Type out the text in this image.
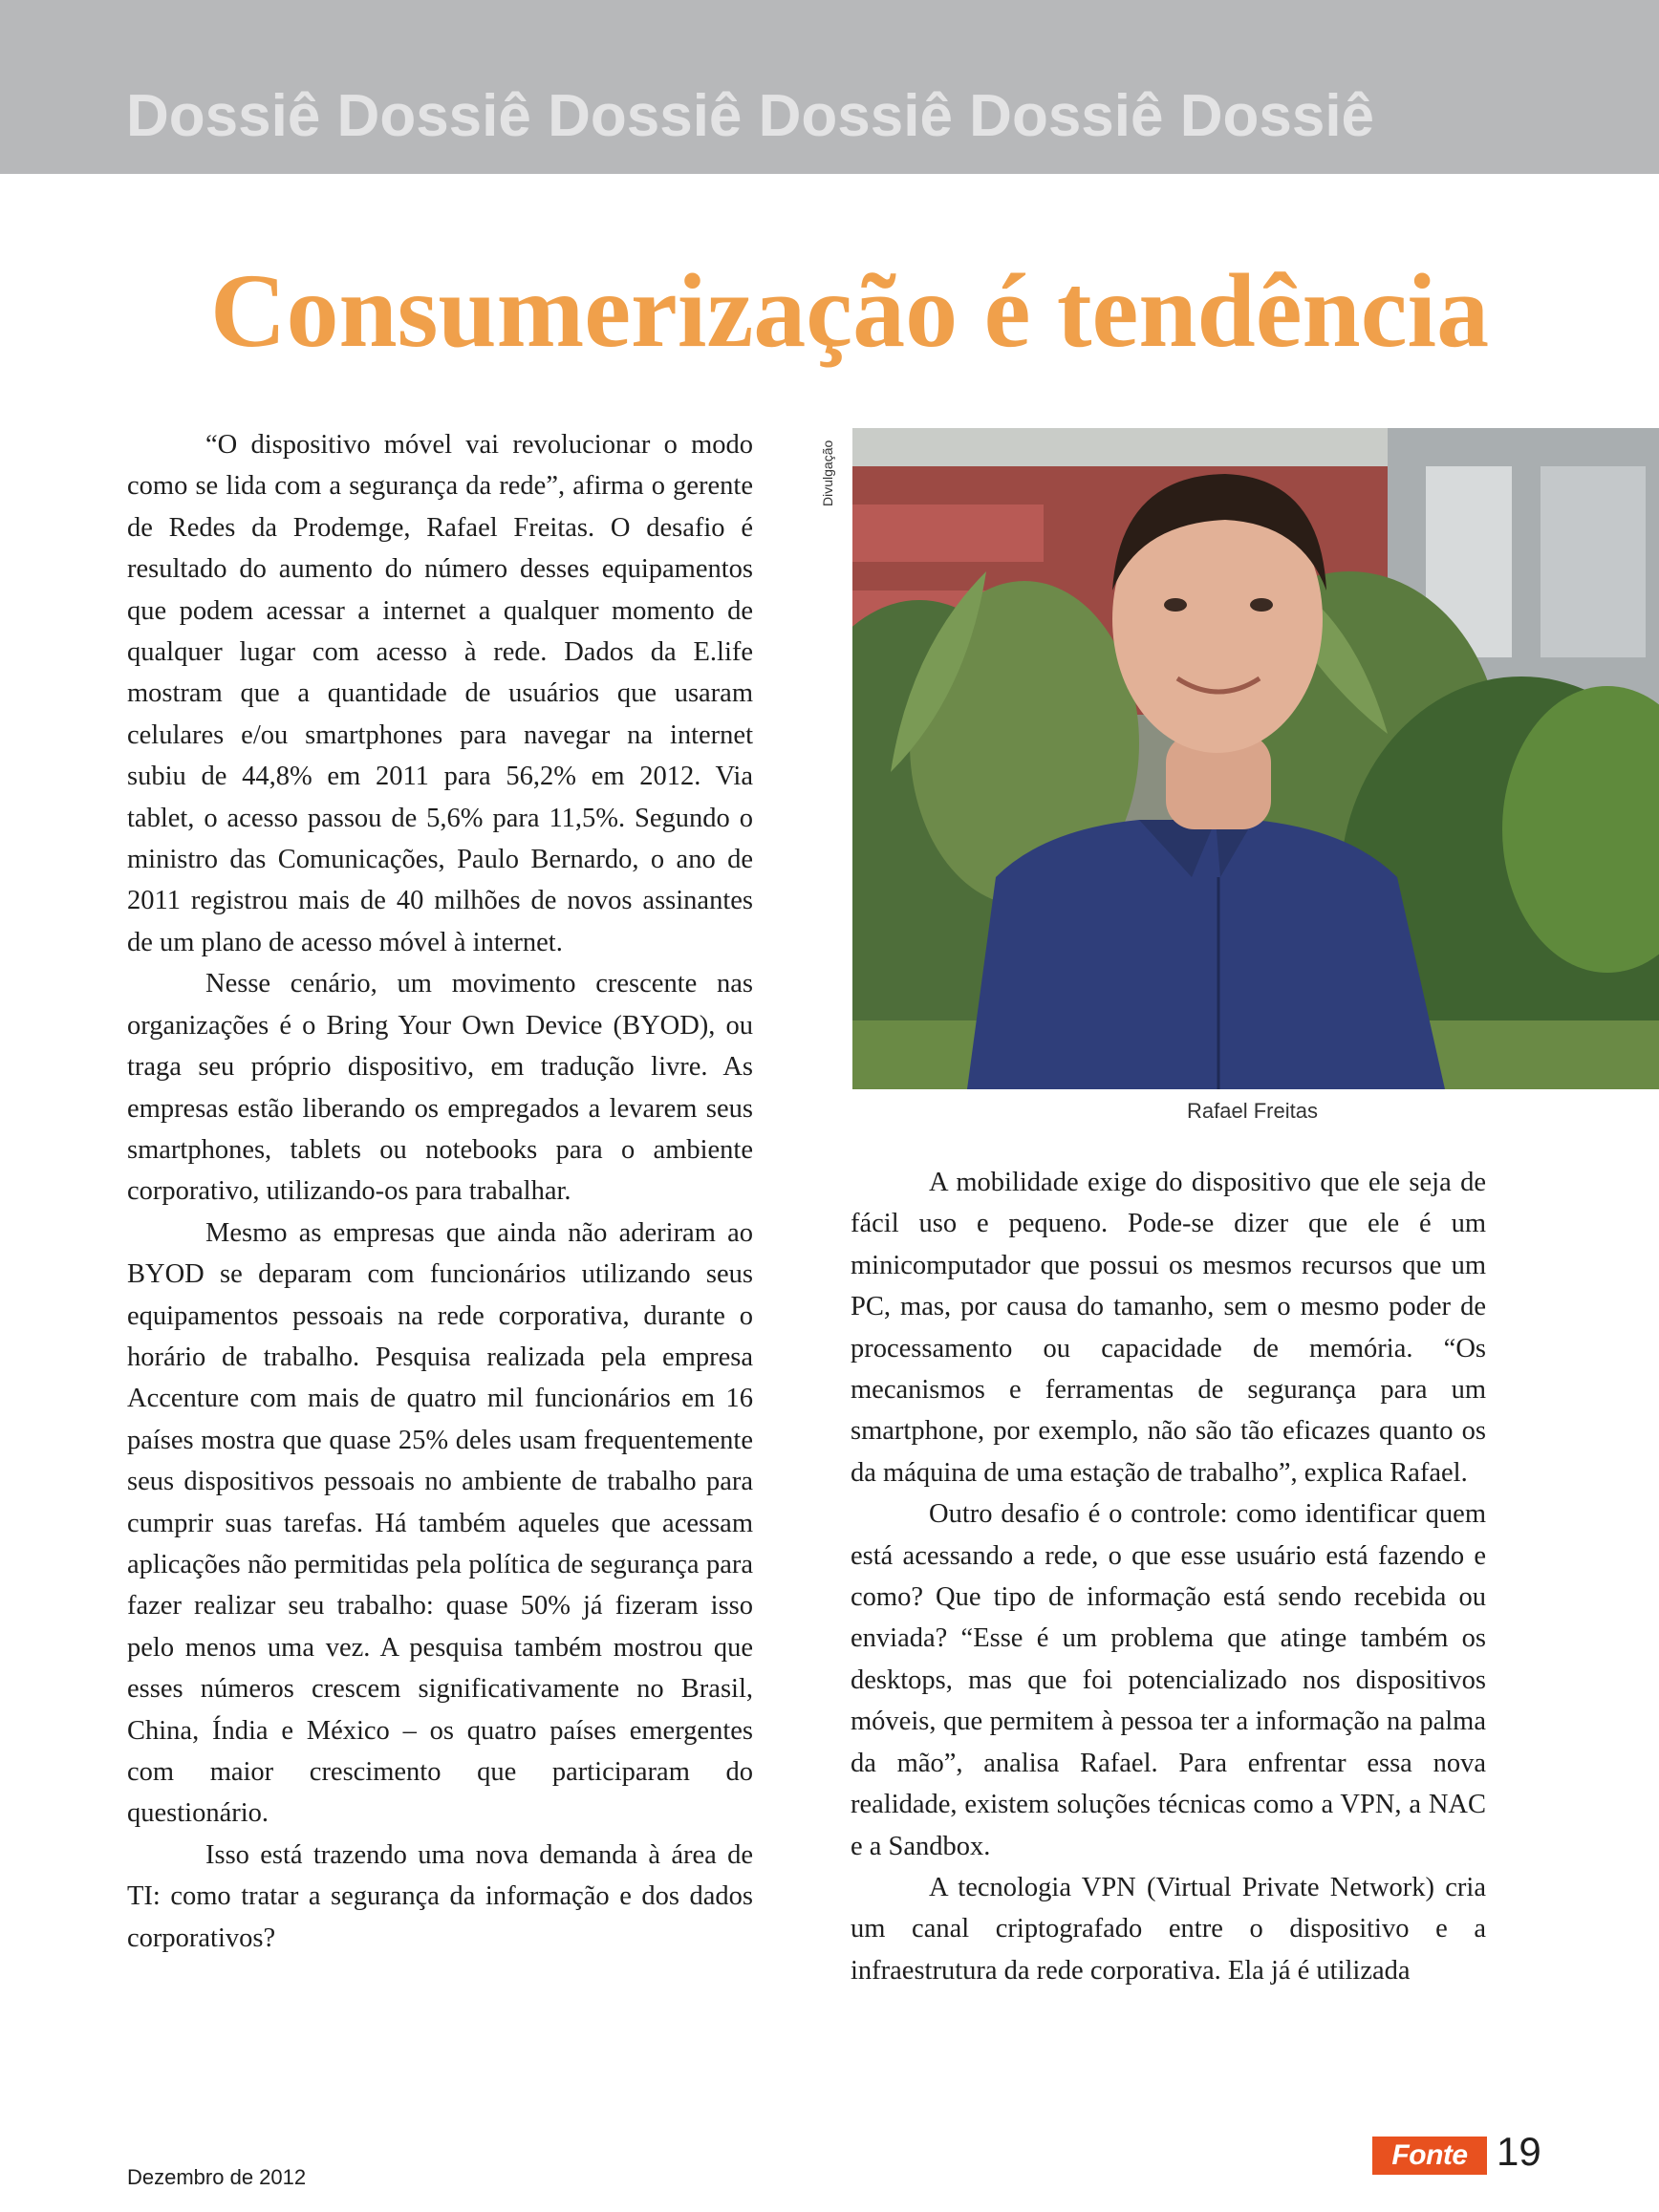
Dossiê Dossiê Dossiê Dossiê Dossiê Dossiê
Consumerização é tendência

“O dispositivo móvel vai revolucionar o modo como se lida com a segurança da rede”, afirma o gerente de Redes da Prodemge, Rafael Freitas. O desafio é resultado do aumento do número desses equipamentos que podem acessar a internet a qualquer momento de qualquer lugar com acesso à rede. Dados da E.life mostram que a quantidade de usuários que usaram celulares e/ou smartphones para navegar na internet subiu de 44,8% em 2011 para 56,2% em 2012. Via tablet, o acesso passou de 5,6% para 11,5%. Segundo o ministro das Comunicações, Paulo Bernardo, o ano de 2011 registrou mais de 40 milhões de novos assinantes de um plano de acesso móvel à internet.

Nesse cenário, um movimento crescente nas organizações é o Bring Your Own Device (BYOD), ou traga seu próprio dispositivo, em tradução livre. As empresas estão liberando os empregados a levarem seus smartphones, tablets ou notebooks para o ambiente corporativo, utilizando-os para trabalhar.

Mesmo as empresas que ainda não aderiram ao BYOD se deparam com funcionários utilizando seus equipamentos pessoais na rede corporativa, durante o horário de trabalho. Pesquisa realizada pela empresa Accenture com mais de quatro mil funcionários em 16 países mostra que quase 25% deles usam frequentemente seus dispositivos pessoais no ambiente de trabalho para cumprir suas tarefas. Há também aqueles que acessam aplicações não permitidas pela política de segurança para fazer realizar seu trabalho: quase 50% já fizeram isso pelo menos uma vez. A pesquisa também mostrou que esses números crescem significativamente no Brasil, China, Índia e México – os quatro países emergentes com maior crescimento que participaram do questionário.

Isso está trazendo uma nova demanda à área de TI: como tratar a segurança da informação e dos dados corporativos?

Divulgação
Rafael Freitas

A mobilidade exige do dispositivo que ele seja de fácil uso e pequeno. Pode-se dizer que ele é um minicomputador que possui os mesmos recursos que um PC, mas, por causa do tamanho, sem o mesmo poder de processamento ou capacidade de memória. “Os mecanismos e ferramentas de segurança para um smartphone, por exemplo, não são tão eficazes quanto os da máquina de uma estação de trabalho”, explica Rafael.

Outro desafio é o controle: como identificar quem está acessando a rede, o que esse usuário está fazendo e como? Que tipo de informação está sendo recebida ou enviada? “Esse é um problema que atinge também os desktops, mas que foi potencializado nos dispositivos móveis, que permitem à pessoa ter a informação na palma da mão”, analisa Rafael. Para enfrentar essa nova realidade, existem soluções técnicas como a VPN, a NAC e a Sandbox.

A tecnologia VPN (Virtual Private Network) cria um canal criptografado entre o dispositivo e a infraestrutura da rede corporativa. Ela já é utilizada

Dezembro de 2012
Fonte 19
